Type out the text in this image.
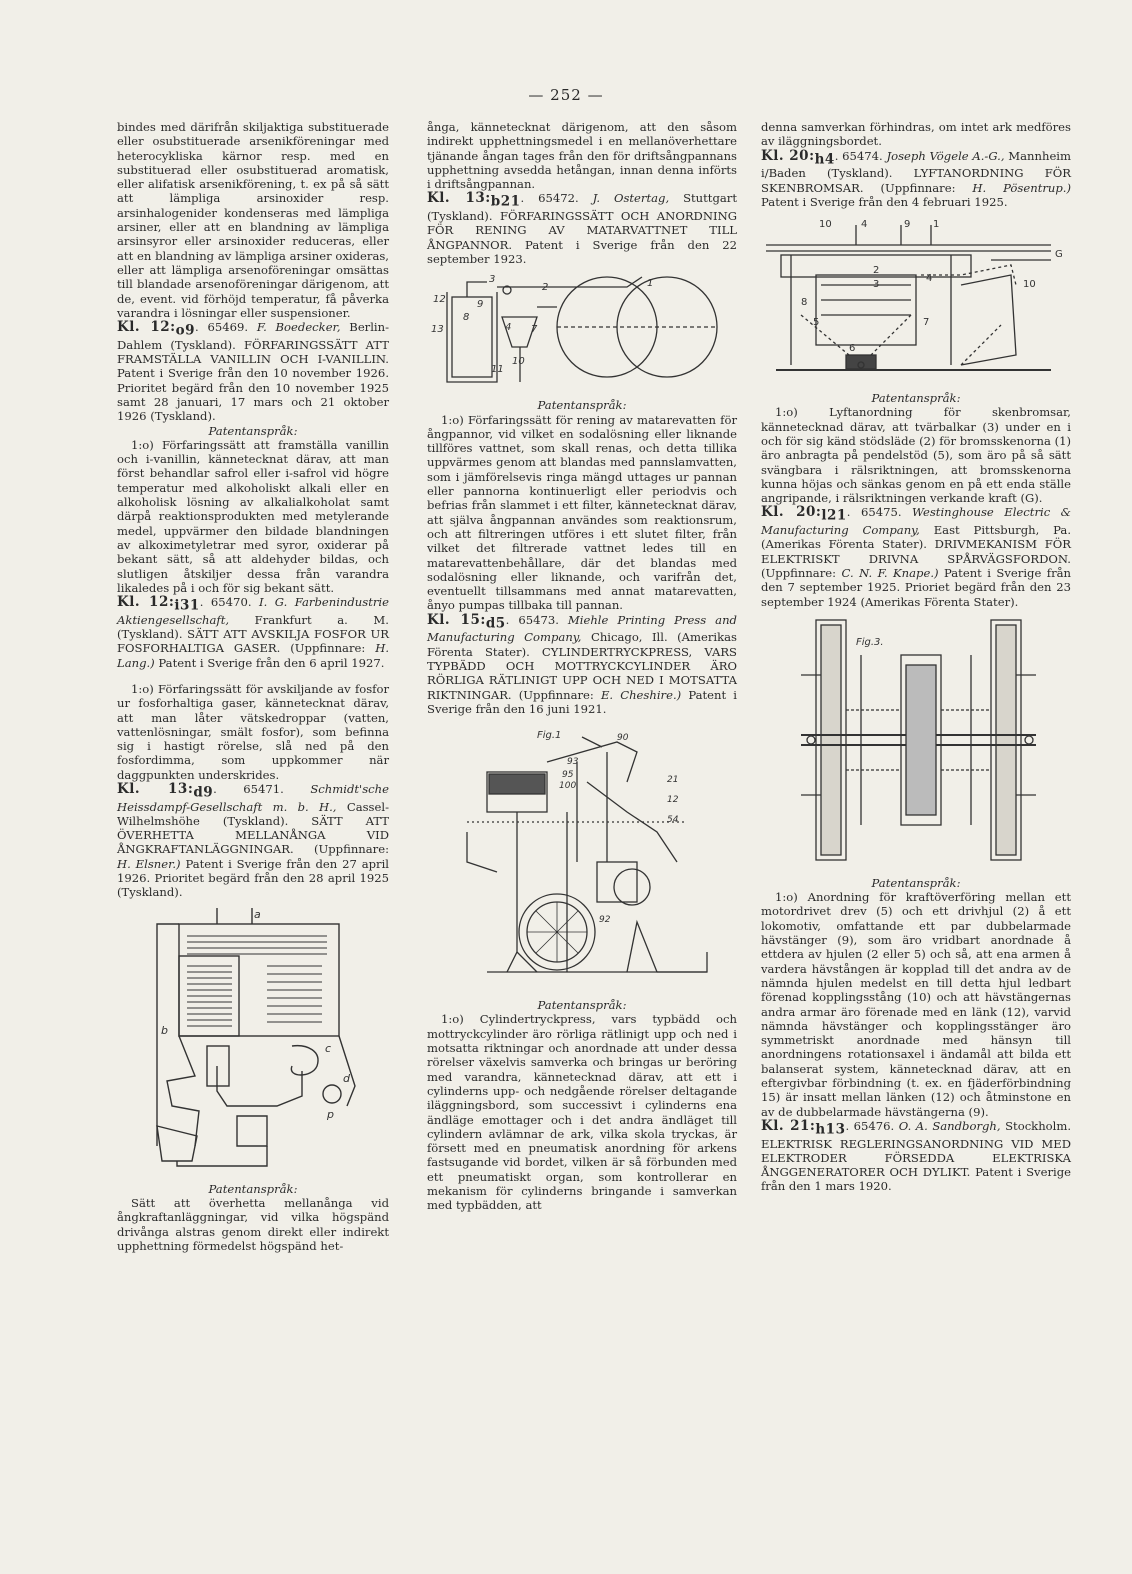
— 252 —

bindes med därifrån skiljaktiga substituerade eller osubstituerade arsenikföreningar med heterocykliska kärnor resp. med en substituerad eller osubstituerad aromatisk, eller alifatisk arsenikförening, t. ex på så sätt att lämpliga arsinoxider resp. arsinhalogenider kondenseras med lämpliga arsiner, eller att en blandning av lämpliga arsinsyror eller arsinoxider reduceras, eller att en blandning av lämpliga arsiner oxideras, eller att lämpliga arsenoföreningar omsättas till blandade arsenoföreningar därigenom, att de, event. vid förhöjd temperatur, få påverka varandra i lösningar eller suspensioner.

Kl. $12:_{o9}$. 65469. F. Boedecker, Berlin-Dahlem (Tyskland). FÖRFARINGSSÄTT ATT FRAMSTÄLLA VANILLIN OCH I-VANILLIN. Patent i Sverige från den 10 november 1926. Prioritet begärd från den 10 november 1925 samt 28 januari, 17 mars och 21 oktober 1926 (Tyskland).

Patentanspråk:

1:o) Förfaringssätt att framställa vanillin och i-vanillin, kännetecknat därav, att man först behandlar safrol eller i-safrol vid högre temperatur med alkoholiskt alkali eller en alkoholisk lösning av alkalialkoholat samt därpå reaktionsprodukten med metylerande medel, uppvärmer den bildade blandningen av alkoximetyletrar med syror, oxiderar på bekant sätt, så att aldehyder bildas, och slutligen åtskiljer dessa från varandra likaledes på i och för sig bekant sätt.

Kl. $12:_{i31}$. 65470. I. G. Farbenindustrie Aktiengesellschaft, Frankfurt a. M. (Tyskland). SÄTT ATT AVSKILJA FOSFOR UR FOSFORHALTIGA GASER. (Uppfinnare: H. Lang.) Patent i Sverige från den 6 april 1927.

1:o) Förfaringssätt för avskiljande av fosfor ur fosforhaltiga gaser, kännetecknat därav, att man låter vätskedroppar (vatten, vattenlösningar, smält fosfor), som befinna sig i hastigt rörelse, slå ned på den fosfordimma, som uppkommer när daggpunkten underskrides.

Kl. $13:_{d9}$. 65471. Schmidt'sche Heissdampf-Gesellschaft m. b. H., Cassel-Wilhelmshöhe (Tyskland). SÄTT ATT ÖVERHETTA MELLANÅNGA VID ÅNGKRAFTANLÄGGNINGAR. (Uppfinnare: H. Elsner.) Patent i Sverige från den 27 april 1926. Prioritet begärd från den 28 april 1925 (Tyskland).

a
b
c
d
p

Patentanspråk:

Sätt att överhetta mellanånga vid ångkraftanläggningar, vid vilka högspänd drivånga alstras genom direkt eller indirekt upphettning förmedelst högspänd het-

ånga, kännetecknat därigenom, att den såsom indirekt upphettningsmedel i en mellanöverhettare tjänande ångan tages från den för driftsångpannans upphettning avsedda hetångan, innan denna införts i driftsångpannan.

Kl. $13:_{b21}$. 65472. J. Ostertag, Stuttgart (Tyskland). FÖRFARINGSSÄTT OCH ANORDNING FÖR RENING AV MATARVATTNET TILL ÅNGPANNOR. Patent i Sverige från den 22 september 1923.

12
3
2	1
9
8
13	4 7
10
11

Patentanspråk:

1:o) Förfaringssätt för rening av matarevatten för ångpannor, vid vilket en sodalösning eller liknande tillföres vattnet, som skall renas, och detta tillika uppvärmes genom att blandas med pannslamvatten, som i jämförelsevis ringa mängd uttages ur pannan eller pannorna kontinuerligt eller periodvis och befrias från slammet i ett filter, kännetecknat därav, att själva ångpannan användes som reaktionsrum, och att filtreringen utföres i ett slutet filter, från vilket det filtrerade vattnet ledes till en matarevattenbehållare, där det blandas med sodalösning eller liknande, och varifrån det, eventuellt tillsammans med annat matarevatten, ånyo pumpas tillbaka till pannan.

Kl. $15:_{d5}$. 65473. Miehle Printing Press and Manufacturing Company, Chicago, Ill. (Amerikas Förenta Stater). CYLINDERTRYCKPRESS, VARS TYPBÄDD OCH MOTTRYCKCYLINDER ÄRO RÖRLIGA RÄTLINIGT UPP OCH NED I MOTSATTA RIKTNINGAR. (Uppfinnare: E. Cheshire.) Patent i Sverige från den 16 juni 1921.

Fig.1	90
93
95
100
21
12
54
92

Patentanspråk:

1:o) Cylindertryckpress, vars typbädd och mottryckcylinder äro rörliga rätlinigt upp och ned i motsatta riktningar och anordnade att under dessa rörelser växelvis samverka och bringas ur beröring med varandra, kännetecknad därav, att ett i cylinderns upp- och nedgående rörelser deltagande iläggningsbord, som successivt i cylinderns ena ändläge emottager och i det andra ändläget till cylindern avlämnar de ark, vilka skola tryckas, är försett med en pneumatisk anordning för arkens fastsugande vid bordet, vilken är så förbunden med ett pneumatiskt organ, som kontrollerar en mekanism för cylinderns bringande i samverkan med typbädden, att

denna samverkan förhindras, om intet ark medföres av iläggningsbordet.

Kl. $20:_{h4}$. 65474. Joseph Vögele A.-G., Mannheim i/Baden (Tyskland). LYFTANORDNING FÖR SKENBROMSAR. (Uppfinnare: H. Pösentrup.) Patent i Sverige från den 4 februari 1925.

10	4	9 1
G
2
3
4
10
8
5
6
7

Patentanspråk:

1:o) Lyftanordning för skenbromsar, kännetecknad därav, att tvärbalkar (3) under en i och för sig känd stödsläde (2) för bromsskenorna (1) äro anbragta på pendelstöd (5), som äro på så sätt svängbara i rälsriktningen, att bromsskenorna kunna höjas och sänkas genom en på ett enda ställe angripande, i rälsriktningen verkande kraft (G).

Kl. $20:_{l21}$. 65475. Westinghouse Electric & Manufacturing Company, East Pittsburgh, Pa. (Amerikas Förenta Stater). DRIVMEKANISM FÖR ELEKTRISKT DRIVNA SPÅRVÄGSFORDON. (Uppfinnare: C. N. F. Knape.) Patent i Sverige från den 7 september 1925. Prioriet begärd från den 23 september 1924 (Amerikas Förenta Stater).

Fig.3.

Patentanspråk:

1:o) Anordning för kraftöverföring mellan ett motordrivet drev (5) och ett drivhjul (2) å ett lokomotiv, omfattande ett par dubbelarmade hävstänger (9), som äro vridbart anordnade å ettdera av hjulen (2 eller 5) och så, att ena armen å vardera hävstången är kopplad till det andra av de nämnda hjulen medelst en till detta hjul ledbart förenad kopplingsstång (10) och att hävstängernas andra armar äro förenade med en länk (12), varvid nämnda hävstänger och kopplingsstänger äro symmetriskt anordnade med hänsyn till anordningens rotationsaxel i ändamål att bilda ett balanserat system, kännetecknad därav, att en eftergivbar förbindning (t. ex. en fjäderförbindning 15) är insatt mellan länken (12) och åtminstone en av de dubbelarmade hävstängerna (9).

Kl. $21:_{h13}$. 65476. O. A. Sandborgh, Stockholm. ELEKTRISK REGLERINGSANORDNING VID MED ELEKTRODER FÖRSEDDA ELEKTRISKA ÅNGGENERATORER OCH DYLIKT. Patent i Sverige från den 1 mars 1920.
